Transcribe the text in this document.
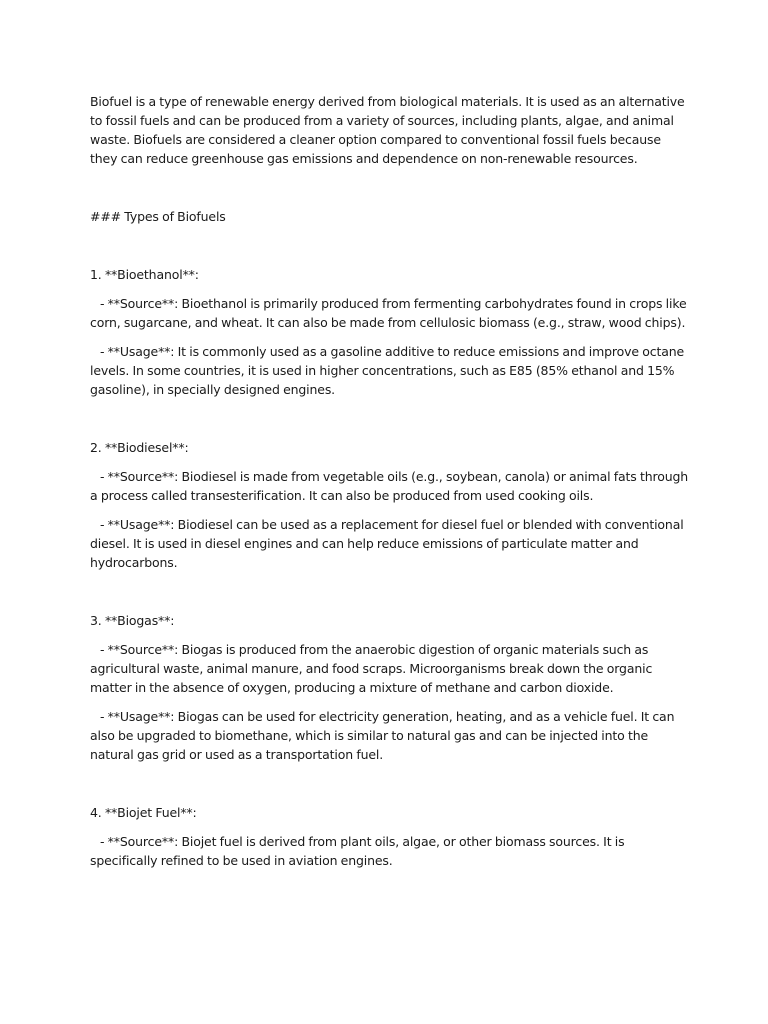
Biofuel is a type of renewable energy derived from biological materials. It is used as an alternative to fossil fuels and can be produced from a variety of sources, including plants, algae, and animal waste. Biofuels are considered a cleaner option compared to conventional fossil fuels because they can reduce greenhouse gas emissions and dependence on non-renewable resources.

### Types of Biofuels

1. **Bioethanol**:

- **Source**: Bioethanol is primarily produced from fermenting carbohydrates found in crops like corn, sugarcane, and wheat. It can also be made from cellulosic biomass (e.g., straw, wood chips).

- **Usage**: It is commonly used as a gasoline additive to reduce emissions and improve octane levels. In some countries, it is used in higher concentrations, such as E85 (85% ethanol and 15% gasoline), in specially designed engines.

2. **Biodiesel**:

- **Source**: Biodiesel is made from vegetable oils (e.g., soybean, canola) or animal fats through a process called transesterification. It can also be produced from used cooking oils.

- **Usage**: Biodiesel can be used as a replacement for diesel fuel or blended with conventional diesel. It is used in diesel engines and can help reduce emissions of particulate matter and hydrocarbons.

3. **Biogas**:

- **Source**: Biogas is produced from the anaerobic digestion of organic materials such as agricultural waste, animal manure, and food scraps. Microorganisms break down the organic matter in the absence of oxygen, producing a mixture of methane and carbon dioxide.

- **Usage**: Biogas can be used for electricity generation, heating, and as a vehicle fuel. It can also be upgraded to biomethane, which is similar to natural gas and can be injected into the natural gas grid or used as a transportation fuel.

4. **Biojet Fuel**:

- **Source**: Biojet fuel is derived from plant oils, algae, or other biomass sources. It is specifically refined to be used in aviation engines.
